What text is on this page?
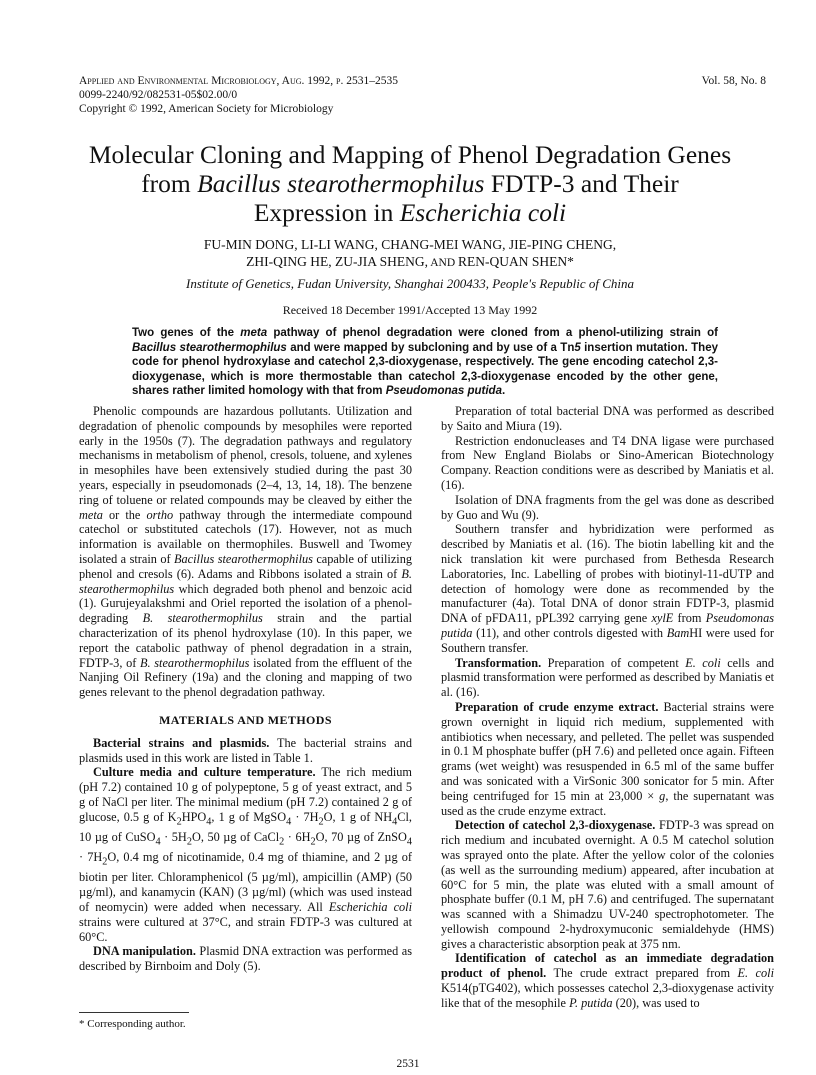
Applied and Environmental Microbiology, Aug. 1992, p. 2531–2535	Vol. 58, No. 8
0099-2240/92/082531-05$02.00/0
Copyright © 1992, American Society for Microbiology
Molecular Cloning and Mapping of Phenol Degradation Genes
from Bacillus stearothermophilus FDTP-3 and Their
Expression in Escherichia coli
FU-MIN DONG, LI-LI WANG, CHANG-MEI WANG, JIE-PING CHENG,
ZHI-QING HE, ZU-JIA SHENG, AND REN-QUAN SHEN*
Institute of Genetics, Fudan University, Shanghai 200433, People's Republic of China
Received 18 December 1991/Accepted 13 May 1992
Two genes of the meta pathway of phenol degradation were cloned from a phenol-utilizing strain of Bacillus stearothermophilus and were mapped by subcloning and by use of a Tn5 insertion mutation. They code for phenol hydroxylase and catechol 2,3-dioxygenase, respectively. The gene encoding catechol 2,3-dioxygenase, which is more thermostable than catechol 2,3-dioxygenase encoded by the other gene, shares rather limited homology with that from Pseudomonas putida.

Phenolic compounds are hazardous pollutants. Utilization and degradation of phenolic compounds by mesophiles were reported early in the 1950s (7). The degradation pathways and regulatory mechanisms in metabolism of phenol, cresols, toluene, and xylenes in mesophiles have been extensively studied during the past 30 years, especially in pseudomonads (2–4, 13, 14, 18). The benzene ring of toluene or related compounds may be cleaved by either the meta or the ortho pathway through the intermediate compound catechol or substituted catechols (17). However, not as much information is available on thermophiles. Buswell and Twomey isolated a strain of Bacillus stearothermophilus capable of utilizing phenol and cresols (6). Adams and Ribbons isolated a strain of B. stearothermophilus which degraded both phenol and benzoic acid (1). Gurujeyalakshmi and Oriel reported the isolation of a phenol-degrading B. stearothermophilus strain and the partial characterization of its phenol hydroxylase (10). In this paper, we report the catabolic pathway of phenol degradation in a strain, FDTP-3, of B. stearothermophilus isolated from the effluent of the Nanjing Oil Refinery (19a) and the cloning and mapping of two genes relevant to the phenol degradation pathway.

MATERIALS AND METHODS

Bacterial strains and plasmids. The bacterial strains and plasmids used in this work are listed in Table 1.

Culture media and culture temperature. The rich medium (pH 7.2) contained 10 g of polypeptone, 5 g of yeast extract, and 5 g of NaCl per liter. The minimal medium (pH 7.2) contained 2 g of glucose, 0.5 g of $K_2HPO_4$, 1 g of MgSO$_4$ · $7H_2O$, 1 g of $NH_4Cl$, 10 µg of CuSO$_4$ · $5H_2O$, 50 µg of CaCl$_2$ · $6H_2O$, 70 µg of ZnSO$_4$ · $7H_2O$, 0.4 mg of nicotinamide, 0.4 mg of thiamine, and 2 µg of biotin per liter. Chloramphenicol (5 µg/ml), ampicillin (AMP) (50 µg/ml), and kanamycin (KAN) (3 µg/ml) (which was used instead of neomycin) were added when necessary. All Escherichia coli strains were cultured at 37°C, and strain FDTP-3 was cultured at 60°C.

DNA manipulation. Plasmid DNA extraction was performed as described by Birnboim and Doly (5).

Preparation of total bacterial DNA was performed as described by Saito and Miura (19).

Restriction endonucleases and T4 DNA ligase were purchased from New England Biolabs or Sino-American Biotechnology Company. Reaction conditions were as described by Maniatis et al. (16).

Isolation of DNA fragments from the gel was done as described by Guo and Wu (9).

Southern transfer and hybridization were performed as described by Maniatis et al. (16). The biotin labelling kit and the nick translation kit were purchased from Bethesda Research Laboratories, Inc. Labelling of probes with biotinyl-11-dUTP and detection of homology were done as recommended by the manufacturer (4a). Total DNA of donor strain FDTP-3, plasmid DNA of pFDA11, pPL392 carrying gene xylE from Pseudomonas putida (11), and other controls digested with BamHI were used for Southern transfer.

Transformation. Preparation of competent E. coli cells and plasmid transformation were performed as described by Maniatis et al. (16).

Preparation of crude enzyme extract. Bacterial strains were grown overnight in liquid rich medium, supplemented with antibiotics when necessary, and pelleted. The pellet was suspended in 0.1 M phosphate buffer (pH 7.6) and pelleted once again. Fifteen grams (wet weight) was resuspended in 6.5 ml of the same buffer and was sonicated with a VirSonic 300 sonicator for 5 min. After being centrifuged for 15 min at 23,000 × g, the supernatant was used as the crude enzyme extract.

Detection of catechol 2,3-dioxygenase. FDTP-3 was spread on rich medium and incubated overnight. A 0.5 M catechol solution was sprayed onto the plate. After the yellow color of the colonies (as well as the surrounding medium) appeared, after incubation at 60°C for 5 min, the plate was eluted with a small amount of phosphate buffer (0.1 M, pH 7.6) and centrifuged. The supernatant was scanned with a Shimadzu UV-240 spectrophotometer. The yellowish compound 2-hydroxymuconic semialdehyde (HMS) gives a characteristic absorption peak at 375 nm.

Identification of catechol as an immediate degradation product of phenol. The crude extract prepared from E. coli K514(pTG402), which possesses catechol 2,3-dioxygenase activity like that of the mesophile P. putida (20), was used to

* Corresponding author.
2531
